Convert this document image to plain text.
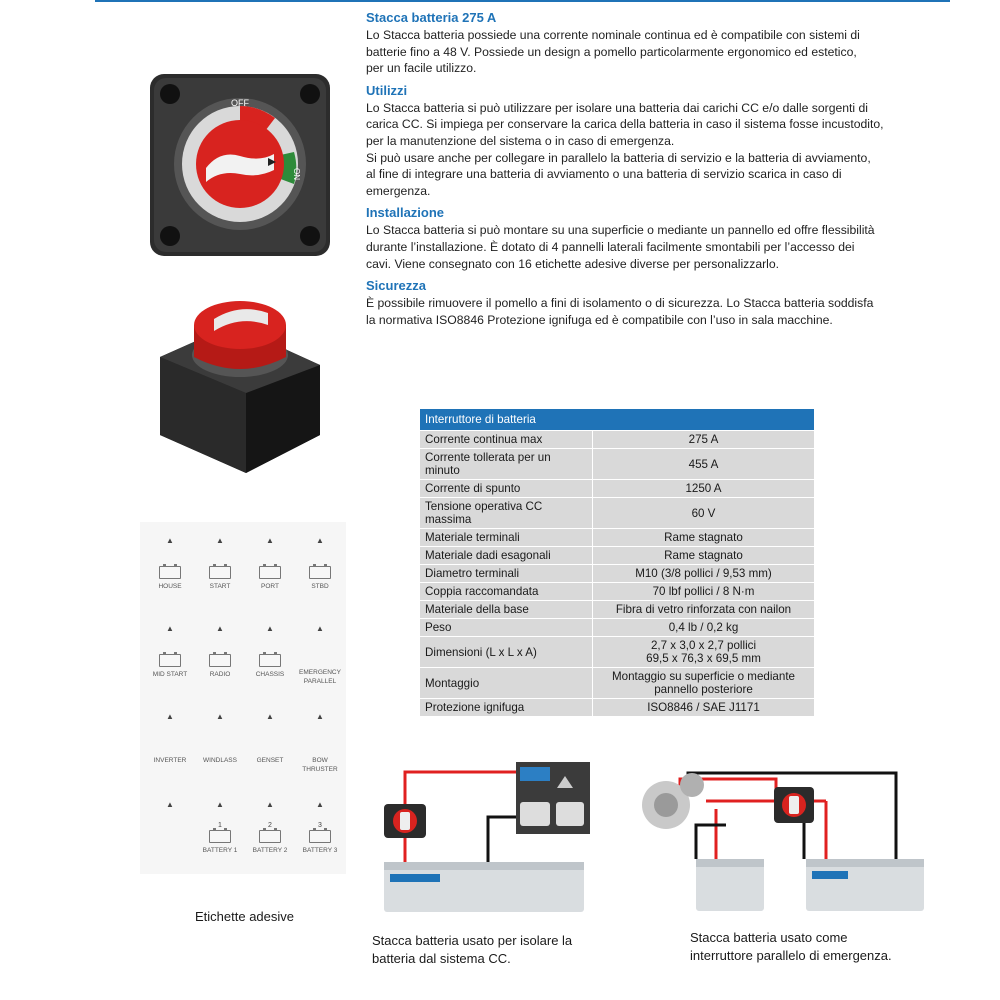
Stacca batteria 275 A

Lo Stacca batteria possiede una corrente nominale continua ed è compatibile con sistemi di

batterie fino a 48 V. Possiede un design a pomello particolarmente ergonomico ed estetico,

per un facile utilizzo.

Utilizzi

Lo Stacca batteria si può utilizzare per isolare una batteria dai carichi CC e/o dalle sorgenti di

carica CC. Si impiega per conservare la carica della batteria in caso il sistema fosse incustodito,

per la manutenzione del sistema o in caso di emergenza.

Si può usare anche per collegare in parallelo la batteria di servizio e la batteria di avviamento,

al fine di integrare una batteria di avviamento o una batteria di servizio scarica in caso di

emergenza.

Installazione

Lo Stacca batteria si può montare su una superficie o mediante un pannello ed offre flessibilità

durante l’installazione. È dotato di 4 pannelli laterali facilmente smontabili per l’accesso dei

cavi. Viene consegnato con 16 etichette adesive diverse per personalizzarlo.

Sicurezza

È possibile rimuovere il pomello a fini di isolamento o di sicurezza. Lo Stacca batteria soddisfa

la normativa ISO8846 Protezione ignifuga ed è compatibile con l’uso in sala macchine.

OFF
ON
▲
HOUSE
▲
START
▲
PORT
▲
STBD
▲
MID START
▲
RADIO
▲
CHASSIS
▲
EMERGENCY PARALLEL
▲
INVERTER
▲
WINDLASS
▲
GENSET
▲
BOW THRUSTER
▲	▲
1
BATTERY 1
▲
2
BATTERY 2
▲
3
BATTERY 3
Etichette adesive
Interruttore di batteria	
Corrente continua max	275 A
Corrente tollerata per un minuto	455 A
Corrente di spunto	1250 A
Tensione operativa CC massima	60 V
Materiale terminali	Rame stagnato
Materiale dadi esagonali	Rame stagnato
Diametro terminali	M10 (3/8 pollici / 9,53 mm)
Coppia raccomandata	70 lbf pollici / 8 N·m
Materiale della base	Fibra di vetro rinforzata con nailon
Peso	0,4 lb / 0,2 kg
Dimensioni (L x L x A)	2,7 x 3,0 x 2,7 pollici
69,5 x 76,3 x 69,5 mm
Montaggio	Montaggio su superficie o mediante pannello posteriore
Protezione ignifuga	ISO8846 / SAE J1171
Stacca batteria usato per isolare la
batteria dal sistema CC.
Stacca batteria usato come
interruttore parallelo di emergenza.
